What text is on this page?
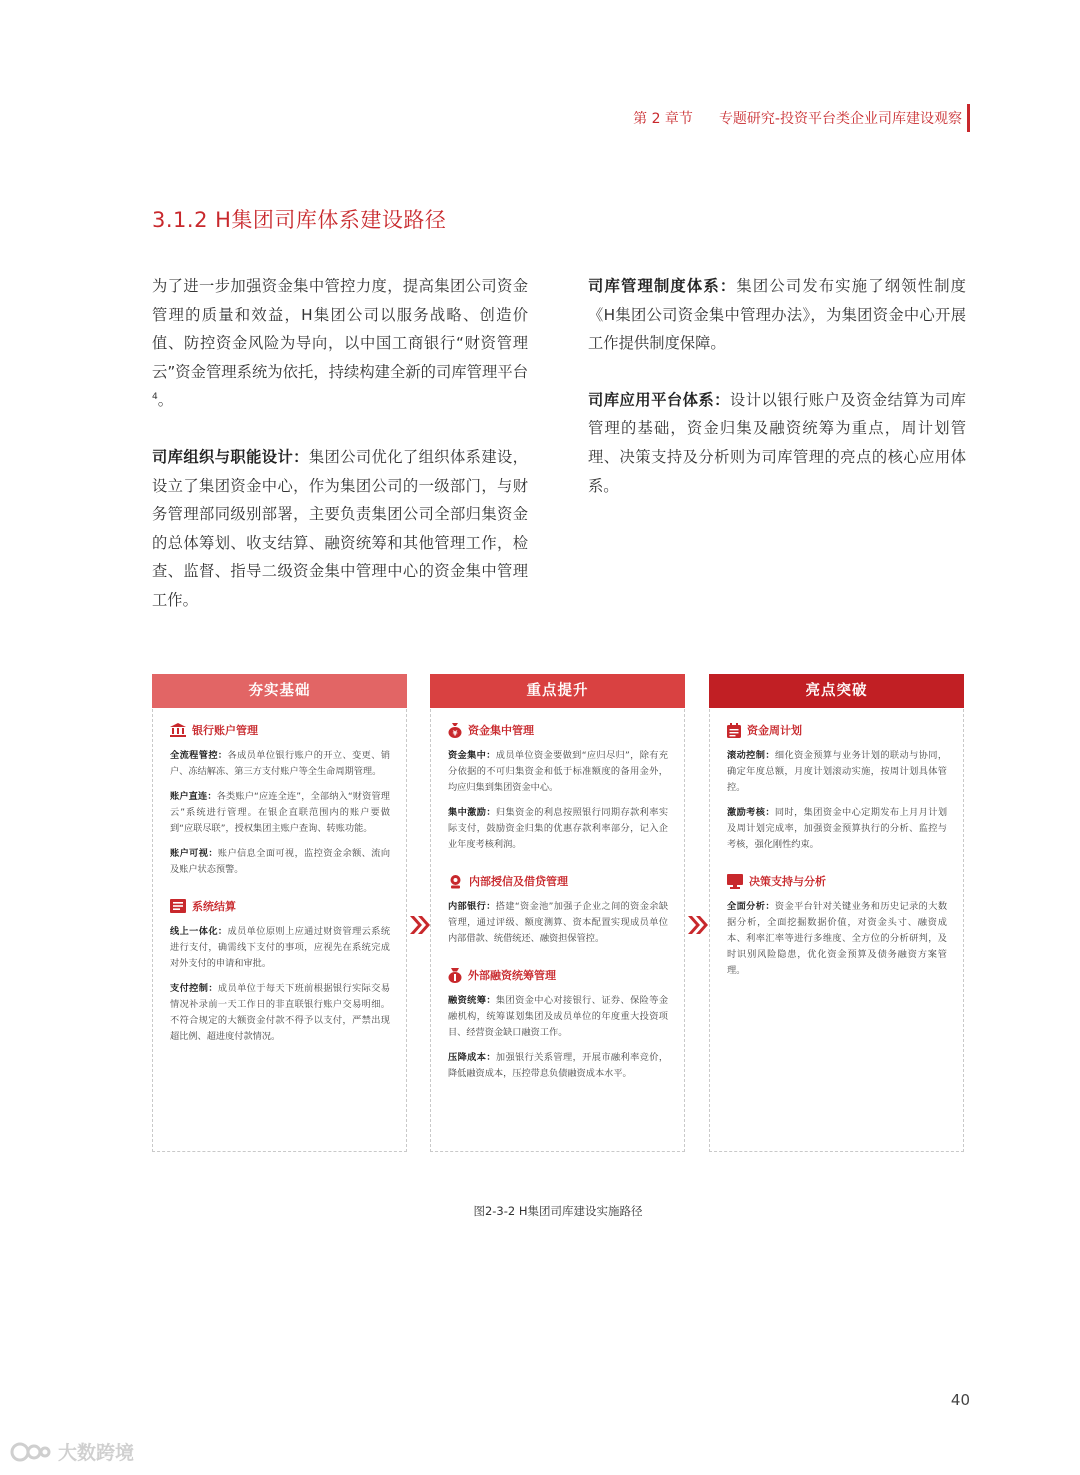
第 2 章节 专题研究-投资平台类企业司库建设观察
3.1.2 H集团司库体系建设路径

为了进一步加强资金集中管控力度，提高集团公司资金管理的质量和效益，H集团公司以服务战略、创造价值、防控资金风险为导向，以中国工商银行“财资管理云”资金管理系统为依托，持续构建全新的司库管理平台$^4$。

司库组织与职能设计：集团公司优化了组织体系建设，设立了集团资金中心，作为集团公司的一级部门，与财务管理部同级别部署，主要负责集团公司全部归集资金的总体筹划、收支结算、融资统筹和其他管理工作，检查、监督、指导二级资金集中管理中心的资金集中管理工作。

司库管理制度体系：集团公司发布实施了纲领性制度《H集团公司资金集中管理办法》，为集团资金中心开展工作提供制度保障。

司库应用平台体系：设计以银行账户及资金结算为司库管理的基础，资金归集及融资统筹为重点，周计划管理、决策支持及分析则为司库管理的亮点的核心应用体系。

夯实基础
银行账户管理
全流程管控：各成员单位银行账户的开立、变更、销户、冻结解冻、第三方支付账户等全生命周期管理。
账户直连：各类账户“应连全连”，全部纳入“财资管理云”系统进行管理。在银企直联范围内的账户要做到“应联尽联”，授权集团主账户查询、转账功能。
账户可视：账户信息全面可视，监控资金余额、流向及账户状态预警。
系统结算
线上一体化：成员单位原则上应通过财资管理云系统进行支付，确需线下支付的事项，应视先在系统完成对外支付的申请和审批。
支付控制：成员单位于每天下班前根据银行实际交易情况补录前一天工作日的非直联银行账户交易明细。不符合规定的大额资金付款不得予以支付，严禁出现超比例、超进度付款情况。
重点提升
¥ 资金集中管理
资金集中：成员单位资金要做到“应归尽归”，除有充分依据的不可归集资金和低于标准额度的备用金外，均应归集到集团资金中心。
集中激励：归集资金的利息按照银行同期存款利率实际支付，鼓励资金归集的优惠存款利率部分，记入企业年度考核利润。
内部授信及借贷管理
内部银行：搭建“资金池”加强子企业之间的资金余缺管理，通过评级、额度测算、资本配置实现成员单位内部借款、统借统还、融资担保管控。
外部融资统筹管理
融资统筹：集团资金中心对接银行、证券、保险等金融机构，统筹谋划集团及成员单位的年度重大投资项目、经营资金缺口融资工作。
压降成本：加强银行关系管理，开展市融利率竞价，降低融资成本，压控带息负债融资成本水平。
亮点突破
资金周计划
滚动控制：细化资金预算与业务计划的联动与协同，确定年度总额，月度计划滚动实施，按周计划具体管控。
激励考核：同时，集团资金中心定期发布上月月计划及周计划完成率，加强资金预算执行的分析、监控与考核，强化刚性约束。
决策支持与分析
全面分析：资金平台针对关键业务和历史记录的大数据分析，全面挖掘数据价值，对资金头寸、融资成本、利率汇率等进行多维度、全方位的分析研判，及时识别风险隐患，优化资金预算及债务融资方案管理。
图2-3-2 H集团司库建设实施路径
40
大数跨境
